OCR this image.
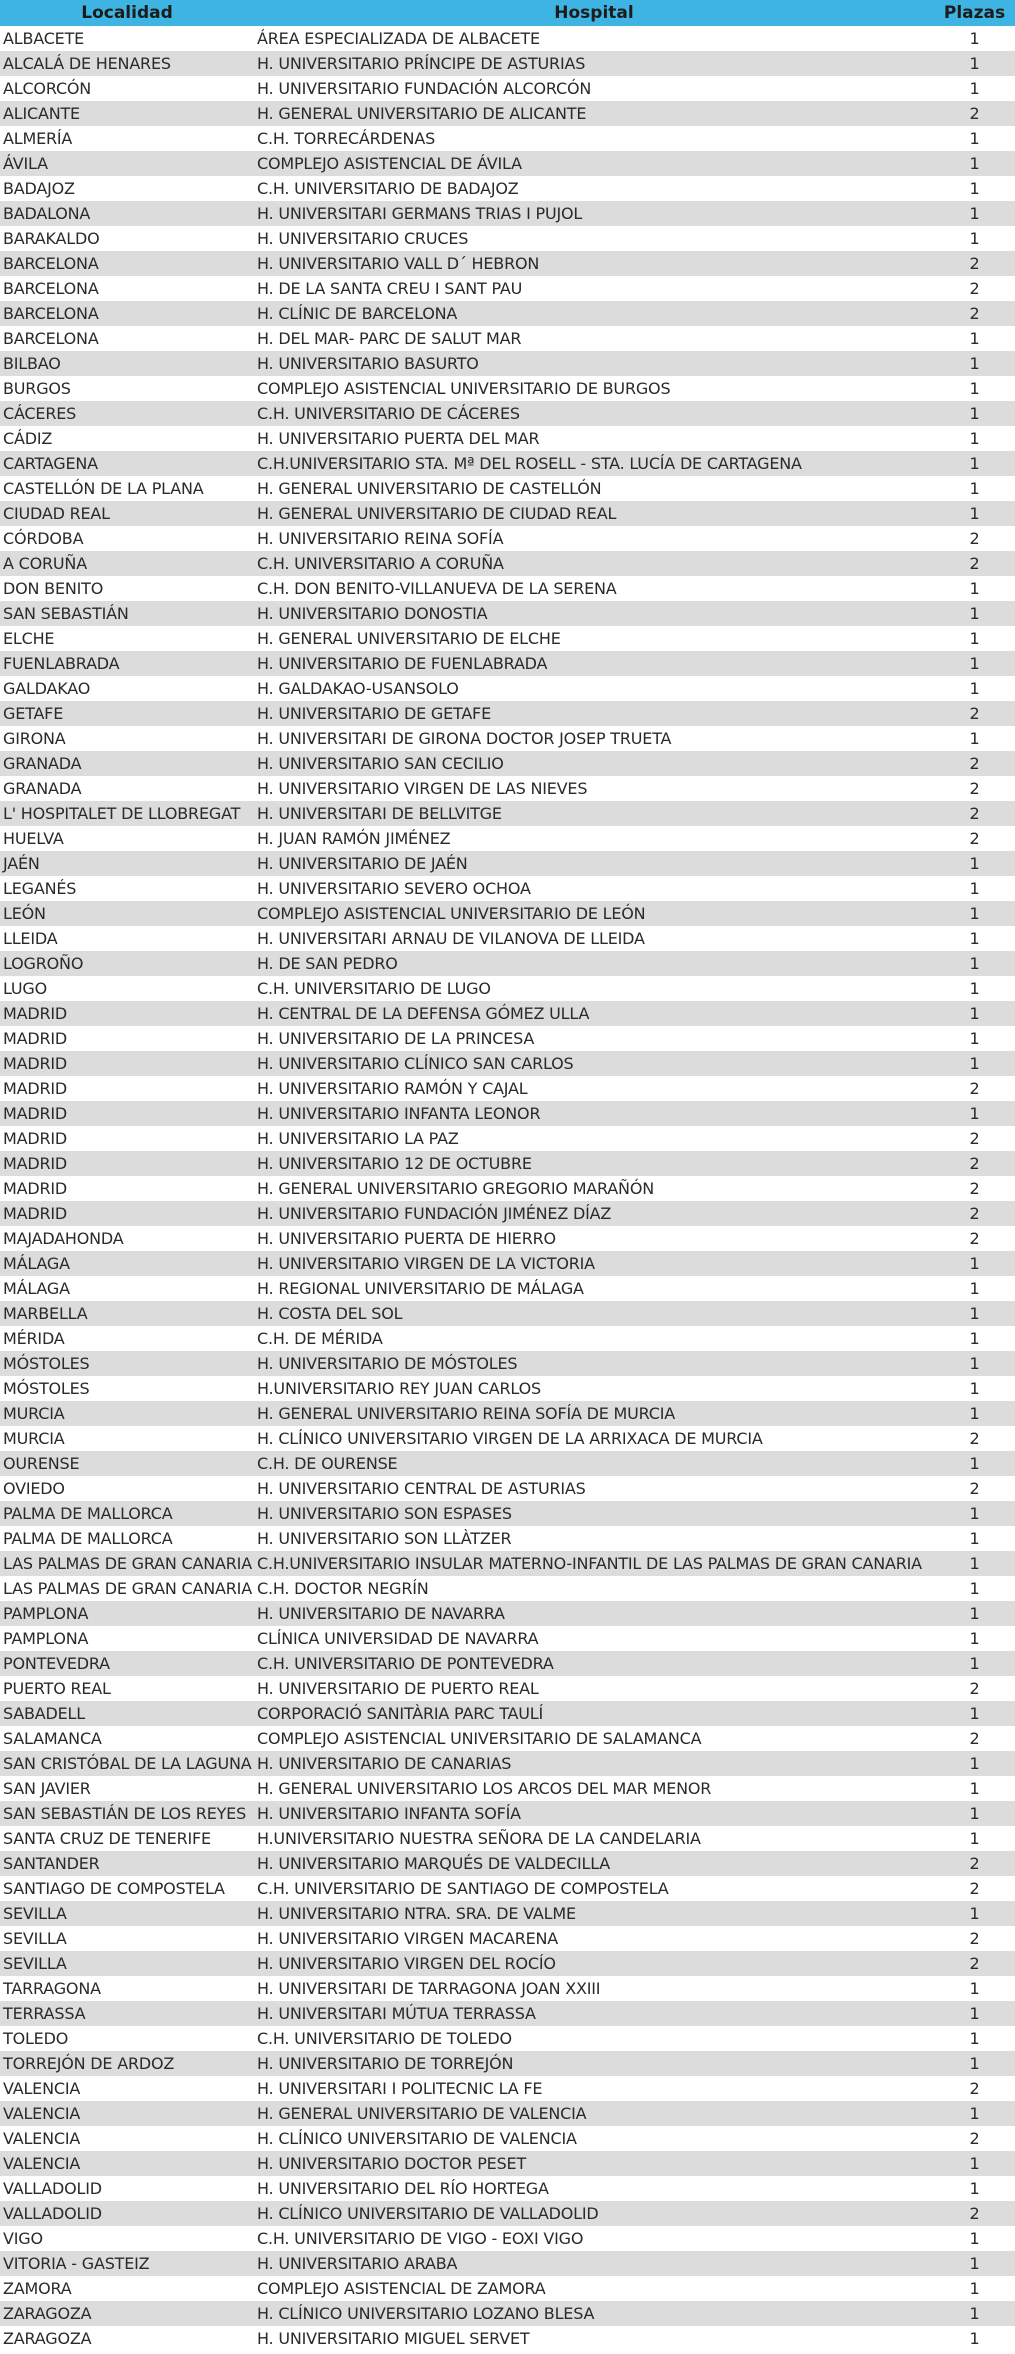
Localidad	Hospital	Plazas
ALBACETE	ÁREA ESPECIALIZADA DE ALBACETE	1
ALCALÁ DE HENARES	H. UNIVERSITARIO PRÍNCIPE DE ASTURIAS	1
ALCORCÓN	H. UNIVERSITARIO FUNDACIÓN ALCORCÓN	1
ALICANTE	H. GENERAL UNIVERSITARIO DE ALICANTE	2
ALMERÍA	C.H. TORRECÁRDENAS	1
ÁVILA	COMPLEJO ASISTENCIAL DE ÁVILA	1
BADAJOZ	C.H. UNIVERSITARIO DE BADAJOZ	1
BADALONA	H. UNIVERSITARI GERMANS TRIAS I PUJOL	1
BARAKALDO	H. UNIVERSITARIO CRUCES	1
BARCELONA	H. UNIVERSITARIO VALL D´ HEBRON	2
BARCELONA	H. DE LA SANTA CREU I SANT PAU	2
BARCELONA	H. CLÍNIC DE BARCELONA	2
BARCELONA	H. DEL MAR- PARC DE SALUT MAR	1
BILBAO	H. UNIVERSITARIO BASURTO	1
BURGOS	COMPLEJO ASISTENCIAL UNIVERSITARIO DE BURGOS	1
CÁCERES	C.H. UNIVERSITARIO DE CÁCERES	1
CÁDIZ	H. UNIVERSITARIO PUERTA DEL MAR	1
CARTAGENA	C.H.UNIVERSITARIO STA. Mª DEL ROSELL - STA. LUCÍA DE CARTAGENA	1
CASTELLÓN DE LA PLANA	H. GENERAL UNIVERSITARIO DE CASTELLÓN	1
CIUDAD REAL	H. GENERAL UNIVERSITARIO DE CIUDAD REAL	1
CÓRDOBA	H. UNIVERSITARIO REINA SOFÍA	2
A CORUÑA	C.H. UNIVERSITARIO A CORUÑA	2
DON BENITO	C.H. DON BENITO-VILLANUEVA DE LA SERENA	1
SAN SEBASTIÁN	H. UNIVERSITARIO DONOSTIA	1
ELCHE	H. GENERAL UNIVERSITARIO DE ELCHE	1
FUENLABRADA	H. UNIVERSITARIO DE FUENLABRADA	1
GALDAKAO	H. GALDAKAO-USANSOLO	1
GETAFE	H. UNIVERSITARIO DE GETAFE	2
GIRONA	H. UNIVERSITARI DE GIRONA DOCTOR JOSEP TRUETA	1
GRANADA	H. UNIVERSITARIO SAN CECILIO	2
GRANADA	H. UNIVERSITARIO VIRGEN DE LAS NIEVES	2
L' HOSPITALET DE LLOBREGAT	H. UNIVERSITARI DE BELLVITGE	2
HUELVA	H. JUAN RAMÓN JIMÉNEZ	2
JAÉN	H. UNIVERSITARIO DE JAÉN	1
LEGANÉS	H. UNIVERSITARIO SEVERO OCHOA	1
LEÓN	COMPLEJO ASISTENCIAL UNIVERSITARIO DE LEÓN	1
LLEIDA	H. UNIVERSITARI ARNAU DE VILANOVA DE LLEIDA	1
LOGROÑO	H. DE SAN PEDRO	1
LUGO	C.H. UNIVERSITARIO DE LUGO	1
MADRID	H. CENTRAL DE LA DEFENSA GÓMEZ ULLA	1
MADRID	H. UNIVERSITARIO DE LA PRINCESA	1
MADRID	H. UNIVERSITARIO CLÍNICO SAN CARLOS	1
MADRID	H. UNIVERSITARIO RAMÓN Y CAJAL	2
MADRID	H. UNIVERSITARIO INFANTA LEONOR	1
MADRID	H. UNIVERSITARIO LA PAZ	2
MADRID	H. UNIVERSITARIO 12 DE OCTUBRE	2
MADRID	H. GENERAL UNIVERSITARIO GREGORIO MARAÑÓN	2
MADRID	H. UNIVERSITARIO FUNDACIÓN JIMÉNEZ DÍAZ	2
MAJADAHONDA	H. UNIVERSITARIO PUERTA DE HIERRO	2
MÁLAGA	H. UNIVERSITARIO VIRGEN DE LA VICTORIA	1
MÁLAGA	H. REGIONAL UNIVERSITARIO DE MÁLAGA	1
MARBELLA	H. COSTA DEL SOL	1
MÉRIDA	C.H. DE MÉRIDA	1
MÓSTOLES	H. UNIVERSITARIO DE MÓSTOLES	1
MÓSTOLES	H.UNIVERSITARIO REY JUAN CARLOS	1
MURCIA	H. GENERAL UNIVERSITARIO REINA SOFÍA DE MURCIA	1
MURCIA	H. CLÍNICO UNIVERSITARIO VIRGEN DE LA ARRIXACA DE MURCIA	2
OURENSE	C.H. DE OURENSE	1
OVIEDO	H. UNIVERSITARIO CENTRAL DE ASTURIAS	2
PALMA DE MALLORCA	H. UNIVERSITARIO SON ESPASES	1
PALMA DE MALLORCA	H. UNIVERSITARIO SON LLÀTZER	1
LAS PALMAS DE GRAN CANARIA	C.H.UNIVERSITARIO INSULAR MATERNO-INFANTIL DE LAS PALMAS DE GRAN CANARIA	1
LAS PALMAS DE GRAN CANARIA	C.H. DOCTOR NEGRÍN	1
PAMPLONA	H. UNIVERSITARIO DE NAVARRA	1
PAMPLONA	CLÍNICA UNIVERSIDAD DE NAVARRA	1
PONTEVEDRA	C.H. UNIVERSITARIO DE PONTEVEDRA	1
PUERTO REAL	H. UNIVERSITARIO DE PUERTO REAL	2
SABADELL	CORPORACIÓ SANITÀRIA PARC TAULÍ	1
SALAMANCA	COMPLEJO ASISTENCIAL UNIVERSITARIO DE SALAMANCA	2
SAN CRISTÓBAL DE LA LAGUNA	H. UNIVERSITARIO DE CANARIAS	1
SAN JAVIER	H. GENERAL UNIVERSITARIO LOS ARCOS DEL MAR MENOR	1
SAN SEBASTIÁN DE LOS REYES	H. UNIVERSITARIO INFANTA SOFÍA	1
SANTA CRUZ DE TENERIFE	H.UNIVERSITARIO NUESTRA SEÑORA DE LA CANDELARIA	1
SANTANDER	H. UNIVERSITARIO MARQUÉS DE VALDECILLA	2
SANTIAGO DE COMPOSTELA	C.H. UNIVERSITARIO DE SANTIAGO DE COMPOSTELA	2
SEVILLA	H. UNIVERSITARIO NTRA. SRA. DE VALME	1
SEVILLA	H. UNIVERSITARIO VIRGEN MACARENA	2
SEVILLA	H. UNIVERSITARIO VIRGEN DEL ROCÍO	2
TARRAGONA	H. UNIVERSITARI DE TARRAGONA JOAN XXIII	1
TERRASSA	H. UNIVERSITARI MÚTUA TERRASSA	1
TOLEDO	C.H. UNIVERSITARIO DE TOLEDO	1
TORREJÓN DE ARDOZ	H. UNIVERSITARIO DE TORREJÓN	1
VALENCIA	H. UNIVERSITARI I POLITECNIC LA FE	2
VALENCIA	H. GENERAL UNIVERSITARIO DE VALENCIA	1
VALENCIA	H. CLÍNICO UNIVERSITARIO DE VALENCIA	2
VALENCIA	H. UNIVERSITARIO DOCTOR PESET	1
VALLADOLID	H. UNIVERSITARIO DEL RÍO HORTEGA	1
VALLADOLID	H. CLÍNICO UNIVERSITARIO DE VALLADOLID	2
VIGO	C.H. UNIVERSITARIO DE VIGO - EOXI VIGO	1
VITORIA - GASTEIZ	H. UNIVERSITARIO ARABA	1
ZAMORA	COMPLEJO ASISTENCIAL DE ZAMORA	1
ZARAGOZA	H. CLÍNICO UNIVERSITARIO LOZANO BLESA	1
ZARAGOZA	H. UNIVERSITARIO MIGUEL SERVET	1
